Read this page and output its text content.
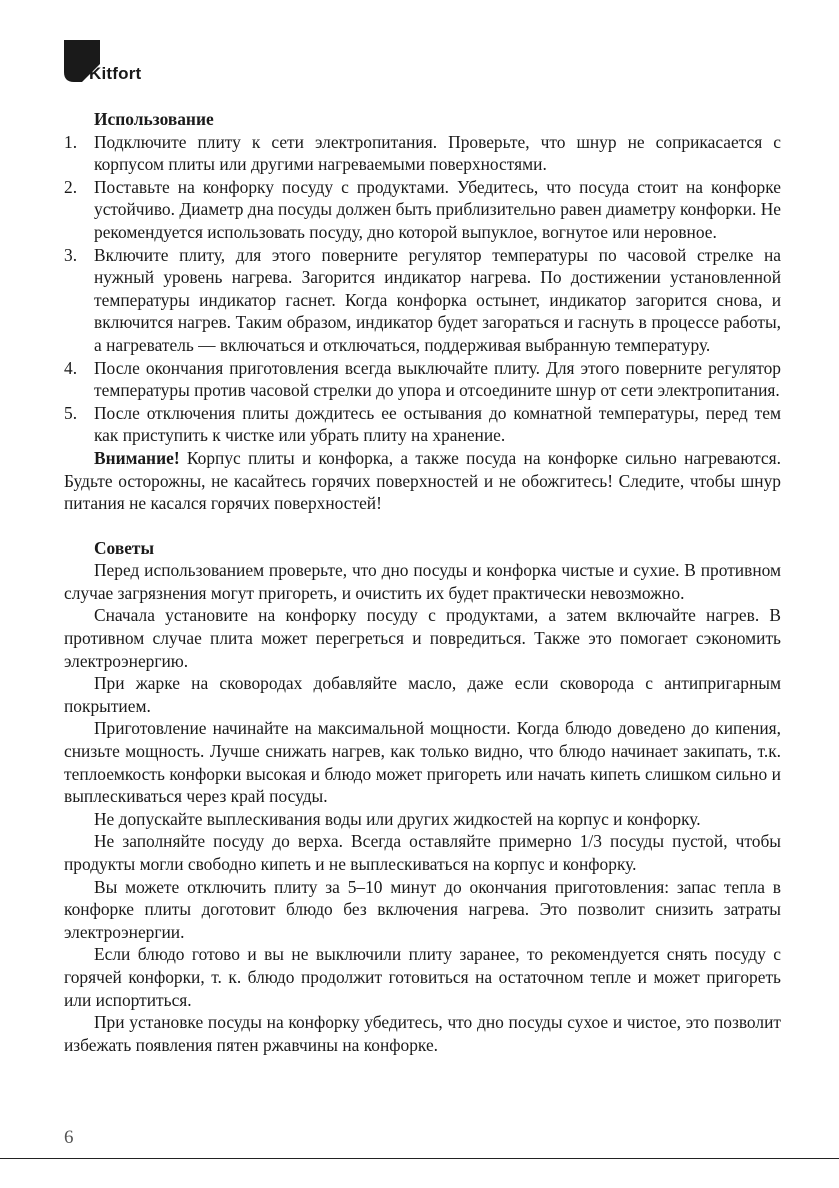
Kitfort
Использование
1. Подключите плиту к сети электропитания. Проверьте, что шнур не соприкасается с корпусом плиты или другими нагреваемыми поверхностями.
2. Поставьте на конфорку посуду с продуктами. Убедитесь, что посуда стоит на конфорке устойчиво. Диаметр дна посуды должен быть приблизительно равен диаметру конфорки. Не рекомендуется использовать посуду, дно которой выпуклое, вогнутое или неровное.
3. Включите плиту, для этого поверните регулятор температуры по часовой стрелке на нужный уровень нагрева. Загорится индикатор нагрева. По достижении установленной температуры индикатор гаснет. Когда конфорка остынет, индикатор загорится снова, и включится нагрев. Таким образом, индикатор будет загораться и гаснуть в процессе работы, а нагреватель — включаться и отключаться, поддерживая выбранную температуру.
4. После окончания приготовления всегда выключайте плиту. Для этого поверните регулятор температуры против часовой стрелки до упора и отсоедините шнур от сети электропитания.
5. После отключения плиты дождитесь ее остывания до комнатной температуры, перед тем как приступить к чистке или убрать плиту на хранение.

Внимание! Корпус плиты и конфорка, а также посуда на конфорке сильно нагреваются. Будьте осторожны, не касайтесь горячих поверхностей и не обожгитесь! Следите, чтобы шнур питания не касался горячих поверхностей!

Советы

Перед использованием проверьте, что дно посуды и конфорка чистые и сухие. В противном случае загрязнения могут пригореть, и очистить их будет практически невозможно.

Сначала установите на конфорку посуду с продуктами, а затем включайте нагрев. В противном случае плита может перегреться и повредиться. Также это помогает сэкономить электроэнергию.

При жарке на сковородах добавляйте масло, даже если сковорода с антипригарным покрытием.

Приготовление начинайте на максимальной мощности. Когда блюдо доведено до кипения, снизьте мощность. Лучше снижать нагрев, как только видно, что блюдо начинает закипать, т.к. теплоемкость конфорки высокая и блюдо может пригореть или начать кипеть слишком сильно и выплескиваться через край посуды.

Не допускайте выплескивания воды или других жидкостей на корпус и конфорку.

Не заполняйте посуду до верха. Всегда оставляйте примерно 1/3 посуды пустой, чтобы продукты могли свободно кипеть и не выплескиваться на корпус и конфорку.

Вы можете отключить плиту за 5–10 минут до окончания приготовления: запас тепла в конфорке плиты доготовит блюдо без включения нагрева. Это позволит снизить затраты электроэнергии.

Если блюдо готово и вы не выключили плиту заранее, то рекомендуется снять посуду с горячей конфорки, т. к. блюдо продолжит готовиться на остаточном тепле и может пригореть или испортиться.

При установке посуды на конфорку убедитесь, что дно посуды сухое и чистое, это позволит избежать появления пятен ржавчины на конфорке.

6
